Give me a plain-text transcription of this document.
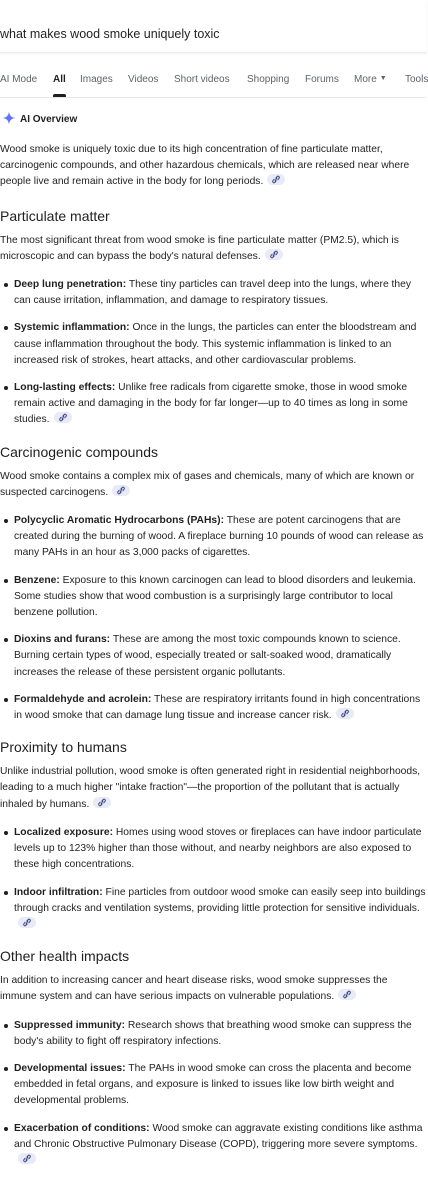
what makes wood smoke uniquely toxic
AI Mode All Images Videos Short videos Shopping Forums More ▼ Tools
AI Overview

Wood smoke is uniquely toxic due to its high concentration of fine particulate matter, carcinogenic compounds, and other hazardous chemicals, which are released near where people live and remain active in the body for long periods.

Particulate matter

The most significant threat from wood smoke is fine particulate matter (PM2.5), which is microscopic and can bypass the body's natural defenses.

Deep lung penetration: These tiny particles can travel deep into the lungs, where they can cause irritation, inflammation, and damage to respiratory tissues.
Systemic inflammation: Once in the lungs, the particles can enter the bloodstream and cause inflammation throughout the body. This systemic inflammation is linked to an increased risk of strokes, heart attacks, and other cardiovascular problems.
Long-lasting effects: Unlike free radicals from cigarette smoke, those in wood smoke remain active and damaging in the body for far longer—up to 40 times as long in some studies.
Carcinogenic compounds

Wood smoke contains a complex mix of gases and chemicals, many of which are known or suspected carcinogens.

Polycyclic Aromatic Hydrocarbons (PAHs): These are potent carcinogens that are created during the burning of wood. A fireplace burning 10 pounds of wood can release as many PAHs in an hour as 3,000 packs of cigarettes.
Benzene: Exposure to this known carcinogen can lead to blood disorders and leukemia. Some studies show that wood combustion is a surprisingly large contributor to local benzene pollution.
Dioxins and furans: These are among the most toxic compounds known to science. Burning certain types of wood, especially treated or salt-soaked wood, dramatically increases the release of these persistent organic pollutants.
Formaldehyde and acrolein: These are respiratory irritants found in high concentrations in wood smoke that can damage lung tissue and increase cancer risk.
Proximity to humans

Unlike industrial pollution, wood smoke is often generated right in residential neighborhoods, leading to a much higher "intake fraction"—the proportion of the pollutant that is actually inhaled by humans.

Localized exposure: Homes using wood stoves or fireplaces can have indoor particulate levels up to 123% higher than those without, and nearby neighbors are also exposed to these high concentrations.
Indoor infiltration: Fine particles from outdoor wood smoke can easily seep into buildings through cracks and ventilation systems, providing little protection for sensitive individuals.
Other health impacts

In addition to increasing cancer and heart disease risks, wood smoke suppresses the immune system and can have serious impacts on vulnerable populations.

Suppressed immunity: Research shows that breathing wood smoke can suppress the body's ability to fight off respiratory infections.
Developmental issues: The PAHs in wood smoke can cross the placenta and become embedded in fetal organs, and exposure is linked to issues like low birth weight and developmental problems.
Exacerbation of conditions: Wood smoke can aggravate existing conditions like asthma and Chronic Obstructive Pulmonary Disease (COPD), triggering more severe symptoms.
